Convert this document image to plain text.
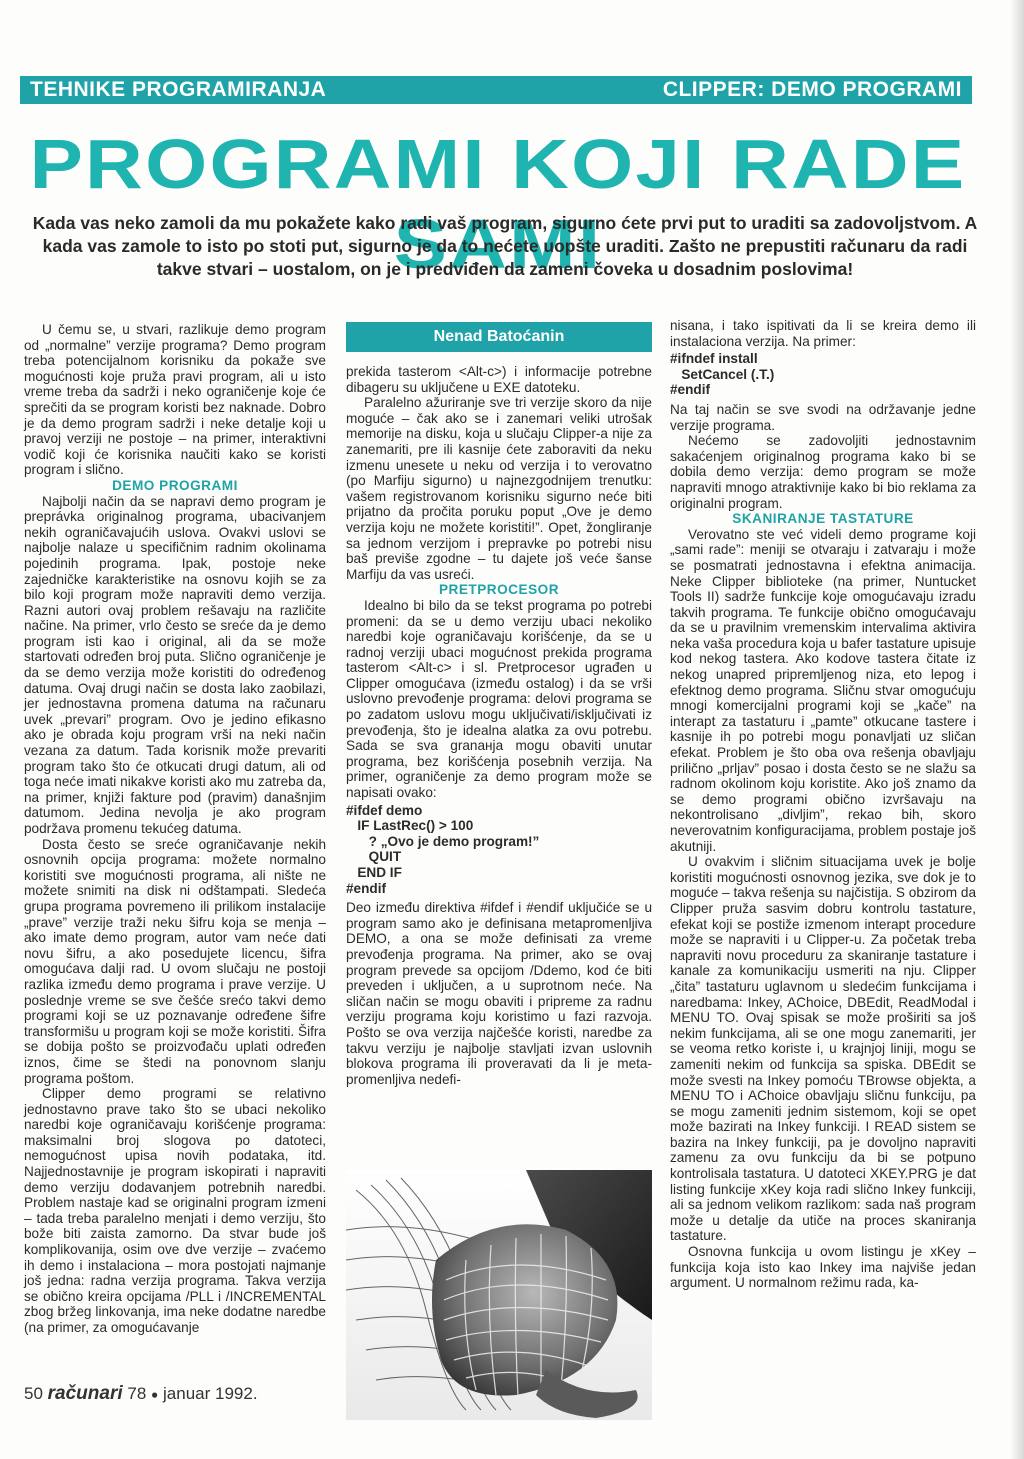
TEHNIKE PROGRAMIRANJA	CLIPPER: DEMO PROGRAMI
PROGRAMI KOJI RADE SAMI

Kada vas neko zamoli da mu pokažete kako radi vaš program, sigurno ćete prvi put to uraditi sa zadovoljstvom. A kada vas zamole to isto po stoti put, sigurno je da to nećete uopšte uraditi. Zašto ne prepustiti računaru da radi takve stvari – uostalom, on je i predviđen da zameni čoveka u dosadnim poslovima!

U čemu se, u stvari, razlikuje demo program od „normalne” verzije programa? Demo program treba potencijalnom korisniku da pokaže sve mogućnosti koje pruža pravi program, ali u isto vreme treba da sadrži i neko ograničenje koje će sprečiti da se program koristi bez naknade. Dobro je da demo program sadrži i neke detalje koji u pravoj verziji ne postoje – na primer, interaktivni vodič koji će korisnika naučiti kako se koristi program i slično.

DEMO PROGRAMI

Najbolji način da se napravi demo program je preprávka originalnog programa, ubacivanjem nekih ograničavajućih uslova. Ovakvi uslovi se najbolje nalaze u specifičnim radnim okolinama pojedinih programa. Ipak, postoje neke zajedničke karakteristike na osnovu kojih se za bilo koji program može napraviti demo verzija. Razni autori ovaj problem rešavaju na različite načine. Na primer, vrlo često se sreće da je demo program isti kao i original, ali da se može startovati određen broj puta. Slično ograničenje je da se demo verzija može koristiti do određenog datuma. Ovaj drugi način se dosta lako zaobilazi, jer jednostavna promena datuma na računaru uvek „prevari” program. Ovo je jedino efikasno ako je obrada koju program vrši na neki način vezana za datum. Tada korisnik može prevariti program tako što će otkucati drugi datum, ali od toga neće imati nikakve koristi ako mu zatreba da, na primer, knjiži fakture pod (pravim) današnjim datumom. Jedina nevolja je ako program podržava promenu tekućeg datuma.

Dosta često se sreće ograničavanje nekih osnovnih opcija programa: možete normalno koristiti sve mogućnosti programa, ali nište ne možete snimiti na disk ni odštampati. Sledeća grupa programa povremeno ili prilikom instalacije „prave” verzije traži neku šifru koja se menja – ako imate demo program, autor vam neće dati novu šifru, a ako posedujete licencu, šifra omogućava dalji rad. U ovom slučaju ne postoji razlika između demo programa i prave verzije. U poslednje vreme se sve češće srećo takvi demo programi koji se uz poznavanje određene šifre transformišu u program koji se može koristiti. Šifra se dobija pošto se proizvođaču uplati određen iznos, čime se štedi na ponovnom slanju programa poštom.

Clipper demo programi se relativno jednostavno prave tako što se ubaci nekoliko naredbi koje ograničavaju korišćenje programa: maksimalni broj slogova po datoteci, nemogućnost upisa novih podataka, itd. Najjednostavnije je program iskopirati i napraviti demo verziju dodavanjem potrebnih naredbi. Problem nastaje kad se originalni program izmeni – tada treba paralelno menjati i demo verziju, što bože biti zaista zamorno. Da stvar bude još komplikovanija, osim ove dve verzije – zvaćemo ih demo i instalaciona – mora postojati najmanje još jedna: radna verzija programa. Takva verzija se obično kreira opcijama /PLL i /INCREMENTAL zbog bržeg linkovanja, ima neke dodatne naredbe (na primer, za omogućavanje

Nenad Batoćanin

prekida tasterom <Alt-c>) i informacije potrebne dibageru su uključene u EXE datoteku.

Paralelno ažuriranje sve tri verzije skoro da nije moguće – čak ako se i zanemari veliki utrošak memorije na disku, koja u slučaju Clipper-a nije za zanemariti, pre ili kasnije ćete zaboraviti da neku izmenu unesete u neku od verzija i to verovatno (po Marfiju sigurno) u najnezgodnijem trenutku: vašem registrovanom korisniku sigurno neće biti prijatno da pročita poruku poput „Ove je demo verzija koju ne možete koristiti!”. Opet, žongliranje sa jednom verzijom i prepravke po potrebi nisu baš previše zgodne – tu dajete još veće šanse Marfiju da vas usreći.

PRETPROCESOR

Idealno bi bilo da se tekst programa po potrebi promeni: da se u demo verziju ubaci nekoliko naredbi koje ograničavaju korišćenje, da se u radnoj verziji ubaci mogućnost prekida programa tasterom <Alt-c> i sl. Pretprocesor ugrađen u Clipper omogućava (između ostalog) i da se vrši uslovno prevođenje programa: delovi programa se po zadatom uslovu mogu uključivati/isključivati iz prevođenja, što je idealna alatka za ovu potrebu. Sada se sva granaнja mogu obaviti unutar programa, bez korišćenja posebnih verzija. Na primer, ograničenje za demo program može se napisati ovako:

#ifdef demo
IF LastRec() > 100
? „Ovo je demo program!”
QUIT
END IF
#endif

Deo između direktiva #ifdef i #endif uključiće se u program samo ako je definisana metapromenljiva DEMO, a ona se može definisati za vreme prevođenja programa. Na primer, ako se ovaj program prevede sa opcijom /Ddemo, kod će biti preveden i uključen, a u suprotnom neće. Na sličan način se mogu obaviti i pripreme za radnu verziju programa koju koristimo u fazi razvoja. Pošto se ova verzija najčešće koristi, naredbe za takvu verziju je najbolje stavljati izvan uslovnih blokova programa ili proveravati da li je meta-promenljiva nedefi-

nisana, i tako ispitivati da li se kreira demo ili instalaciona verzija. Na primer:

#ifndef install
SetCancel (.T.)
#endif

Na taj način se sve svodi na održavanje jedne verzije programa.

Nećemo se zadovoljiti jednostavnim sakaćenjem originalnog programa kako bi se dobila demo verzija: demo program se može napraviti mnogo atraktivnije kako bi bio reklama za originalni program.

SKANIRANJE TASTATURE

Verovatno ste već videli demo programe koji „sami rade”: meniji se otvaraju i zatvaraju i može se posmatrati jednostavna i efektna animacija. Neke Clipper biblioteke (na primer, Nuntucket Tools II) sadrže funkcije koje omogućavaju izradu takvih programa. Te funkcije obično omogućavaju da se u pravilnim vremenskim intervalima aktivira neka vaša procedura koja u bafer tastature upisuje kod nekog tastera. Ako kodove tastera čitate iz nekog unapred pripremljenog niza, eto lepog i efektnog demo programa. Sličnu stvar omogućuju mnogi komercijalni programi koji se „kače” na interapt za tastaturu i „pamte” otkucane tastere i kasnije ih po potrebi mogu ponavljati uz sličan efekat. Problem je što oba ova rešenja obavljaju prilično „prljav” posao i dosta često se ne slažu sa radnom okolinom koju koristite. Ako još znamo da se demo programi obično izvršavaju na nekontrolisano „divljim”, rekao bih, skoro neverovatnim konfiguracijama, problem postaje još akutniji.

U ovakvim i sličnim situacijama uvek je bolje koristiti mogućnosti osnovnog jezika, sve dok je to moguće – takva rešenja su najčistija. S obzirom da Clipper pruža sasvim dobru kontrolu tastature, efekat koji se postiže izmenom interapt procedure može se napraviti i u Clipper-u. Za početak treba napraviti novu proceduru za skaniranje tastature i kanale za komunikaciju usmeriti na nju. Clipper „čita” tastaturu uglavnom u sledećim funkcijama i naredbama: Inkey, AChoice, DBEdit, ReadModal i MENU TO. Ovaj spisak se može proširiti sa još nekim funkcijama, ali se one mogu zanemariti, jer se veoma retko koriste i, u krajnjoj liniji, mogu se zameniti nekim od funkcija sa spiska. DBEdit se može svesti na Inkey pomoću TBrowse objekta, a MENU TO i AChoice obavljaju sličnu funkciju, pa se mogu zameniti jednim sistemom, koji se opet može bazirati na Inkey funkciji. I READ sistem se bazira na Inkey funkciji, pa je dovoljno napraviti zamenu za ovu funkciju da bi se potpuno kontrolisala tastatura. U datoteci XKEY.PRG je dat listing funkcije xKey koja radi slično Inkey funkciji, ali sa jednom velikom razlikom: sada naš program može u detalje da utiče na proces skaniranja tastature.

Osnovna funkcija u ovom listingu je xKey – funkcija koja isto kao Inkey ima najviše jedan argument. U normalnom režimu rada, ka-

50 računari 78 ● januar 1992.
